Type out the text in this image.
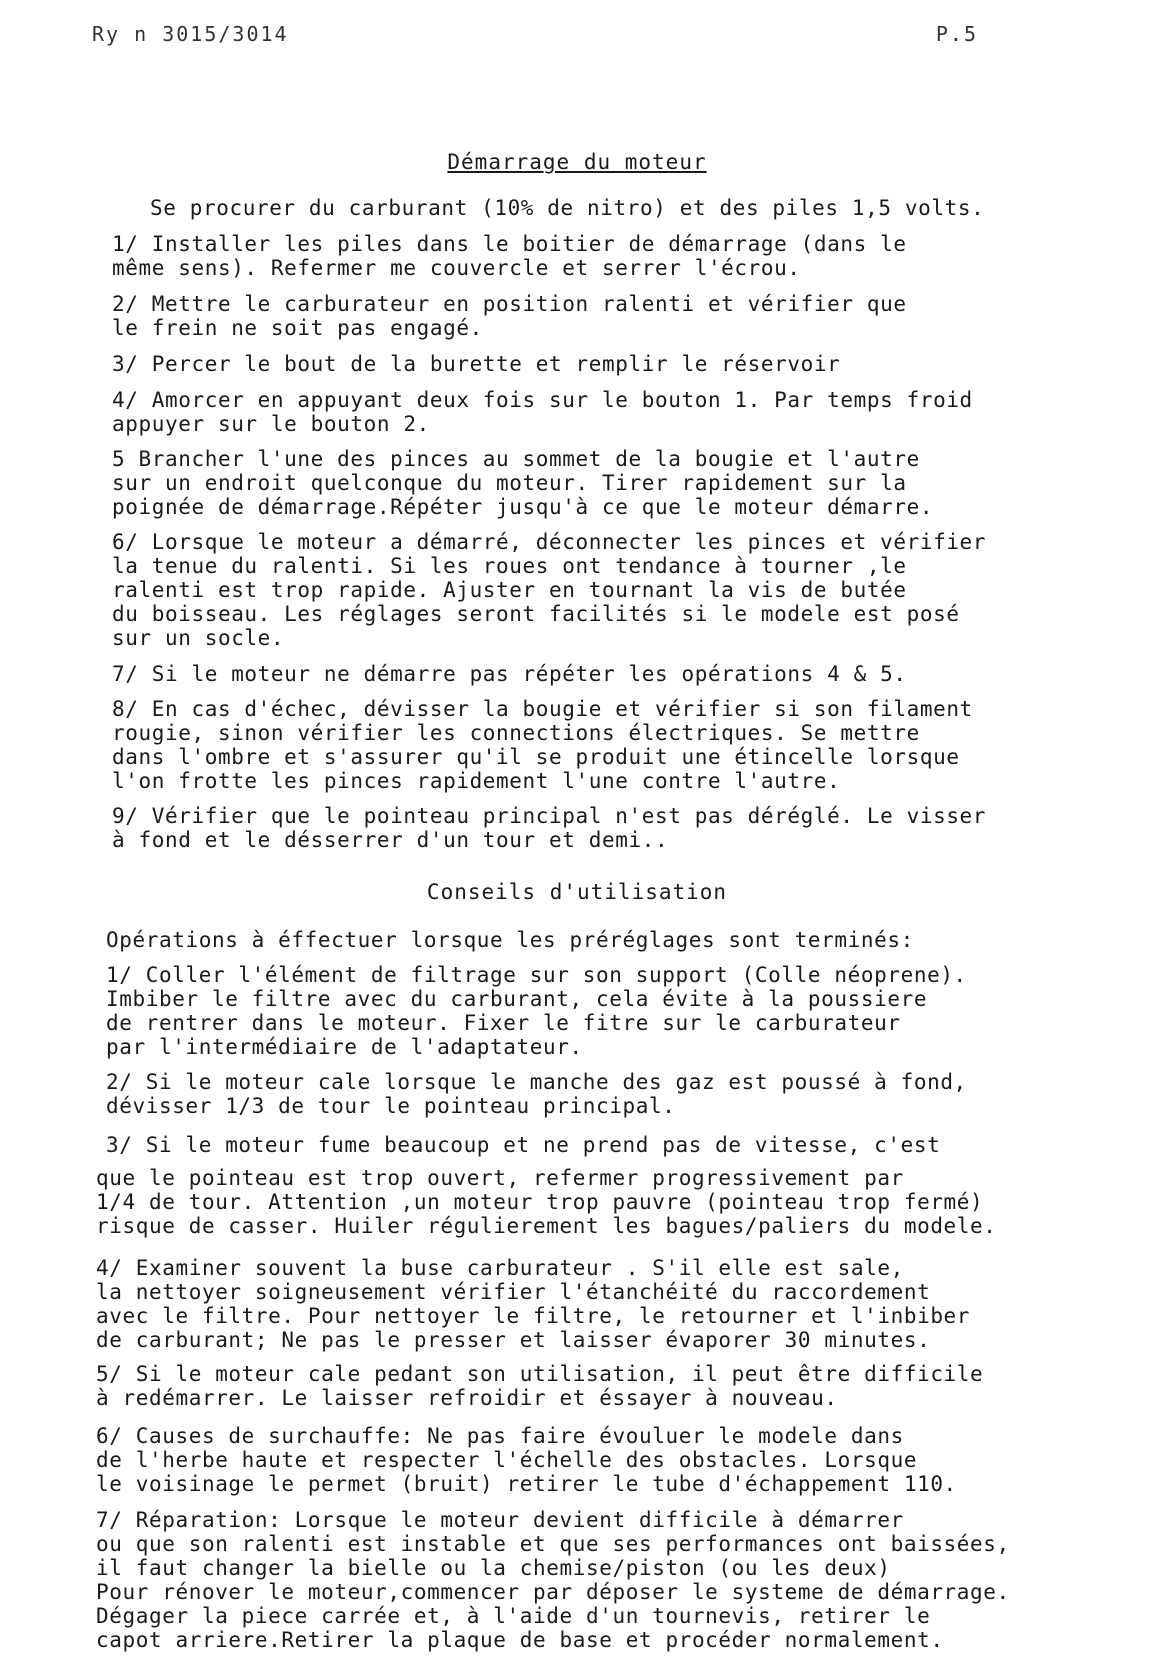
Ry n 3015/3014	P.5
Démarrage du moteur

Se procurer du carburant (10% de nitro) et des piles 1,5 volts.

1/ Installer les piles dans le boitier de démarrage (dans le
même sens). Refermer me couvercle et serrer l'écrou.

2/ Mettre le carburateur en position ralenti et vérifier que
le frein ne soit pas engagé.

3/ Percer le bout de la burette et remplir le réservoir

4/ Amorcer en appuyant deux fois sur le bouton 1. Par temps froid
appuyer sur le bouton 2.

5 Brancher l'une des pinces au sommet de la bougie et l'autre
sur un endroit quelconque du moteur. Tirer rapidement sur la
poignée de démarrage.Répéter jusqu'à ce que le moteur démarre.

6/ Lorsque le moteur a démarré, déconnecter les pinces et vérifier
la tenue du ralenti. Si les roues ont tendance à tourner ,le
ralenti est trop rapide. Ajuster en tournant la vis de butée
du boisseau. Les réglages seront facilités si le modele est posé
sur un socle.

7/ Si le moteur ne démarre pas répéter les opérations 4 & 5.

8/ En cas d'échec, dévisser la bougie et vérifier si son filament
rougie, sinon vérifier les connections électriques. Se mettre
dans l'ombre et s'assurer qu'il se produit une étincelle lorsque
l'on frotte les pinces rapidement l'une contre l'autre.

9/ Vérifier que le pointeau principal n'est pas déréglé. Le visser
à fond et le désserrer d'un tour et demi..

Conseils d'utilisation

Opérations à éffectuer lorsque les préréglages sont terminés:

1/ Coller l'élément de filtrage sur son support (Colle néoprene).
Imbiber le filtre avec du carburant, cela évite à la poussiere
de rentrer dans le moteur. Fixer le fitre sur le carburateur
par l'intermédiaire de l'adaptateur.

2/ Si le moteur cale lorsque le manche des gaz est poussé à fond,
dévisser 1/3 de tour le pointeau principal.

3/ Si le moteur fume beaucoup et ne prend pas de vitesse, c'est

que le pointeau est trop ouvert, refermer progressivement par
1/4 de tour. Attention ,un moteur trop pauvre (pointeau trop fermé)
risque de casser. Huiler régulierement les bagues/paliers du modele.

4/ Examiner souvent la buse carburateur . S'il elle est sale,
la nettoyer soigneusement vérifier l'étanchéité du raccordement
avec le filtre. Pour nettoyer le filtre, le retourner et l'inbiber
de carburant; Ne pas le presser et laisser évaporer 30 minutes.

5/ Si le moteur cale pedant son utilisation, il peut être difficile
à redémarrer. Le laisser refroidir et éssayer à nouveau.

6/ Causes de surchauffe: Ne pas faire évouluer le modele dans
de l'herbe haute et respecter l'échelle des obstacles. Lorsque
le voisinage le permet (bruit) retirer le tube d'échappement 110.

7/ Réparation: Lorsque le moteur devient difficile à démarrer
ou que son ralenti est instable et que ses performances ont baissées,
il faut changer la bielle ou la chemise/piston (ou les deux)
Pour rénover le moteur,commencer par déposer le systeme de démarrage.
Dégager la piece carrée et, à l'aide d'un tournevis, retirer le
capot arriere.Retirer la plaque de base et procéder normalement.
